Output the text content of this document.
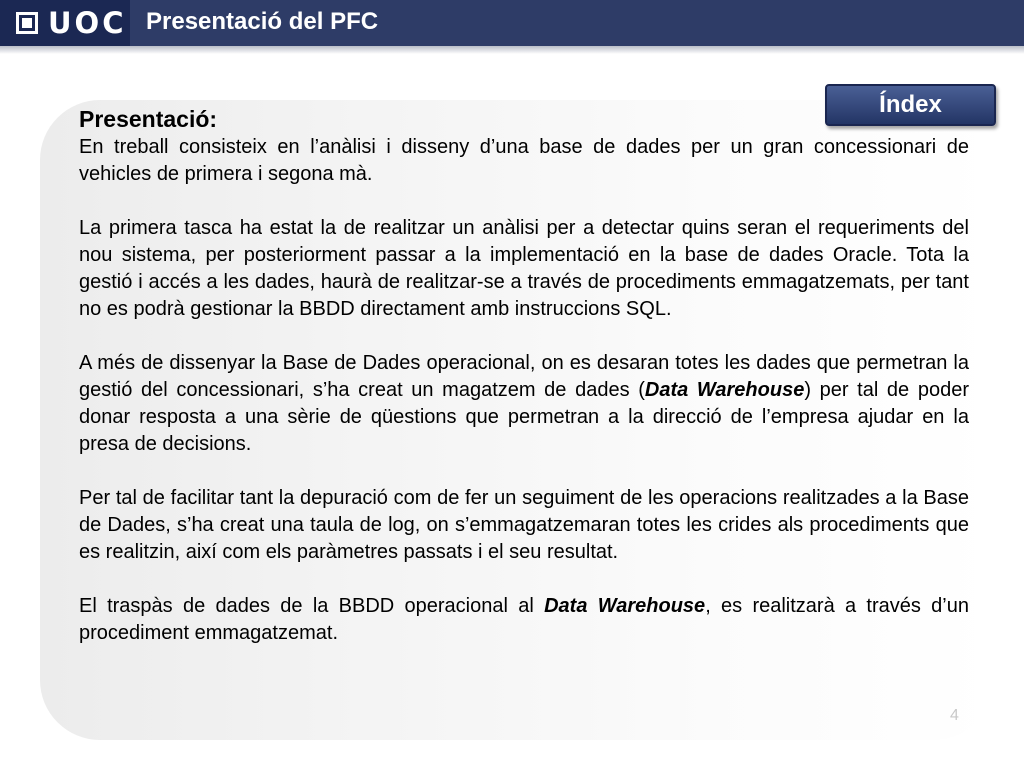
UOC Presentació del PFC
Índex

Presentació:

En treball consisteix en l’anàlisi i disseny d’una base de dades per un gran concessionari de vehicles de primera i segona mà.

La primera tasca ha estat la de realitzar un anàlisi per a detectar quins seran el requeriments del nou sistema, per posteriorment passar a la implementació en la base de dades Oracle. Tota la gestió i accés a les dades, haurà de realitzar-se a través de procediments emmagatzemats, per tant no es podrà gestionar la BBDD directament amb instruccions SQL.

A més de dissenyar la Base de Dades operacional, on es desaran totes les dades que permetran la gestió del concessionari, s’ha creat un magatzem de dades (Data Warehouse) per tal de poder donar resposta a una sèrie de qüestions que permetran a la direcció de l’empresa ajudar en la presa de decisions.

Per tal de facilitar tant la depuració com de fer un seguiment de les operacions realitzades a la Base de Dades, s’ha creat una taula de log, on s’emmagatzemaran totes les crides als procediments que es realitzin, així com els paràmetres passats i el seu resultat.

El traspàs de dades de la BBDD operacional al Data Warehouse, es realitzarà a través d’un procediment emmagatzemat.

4
